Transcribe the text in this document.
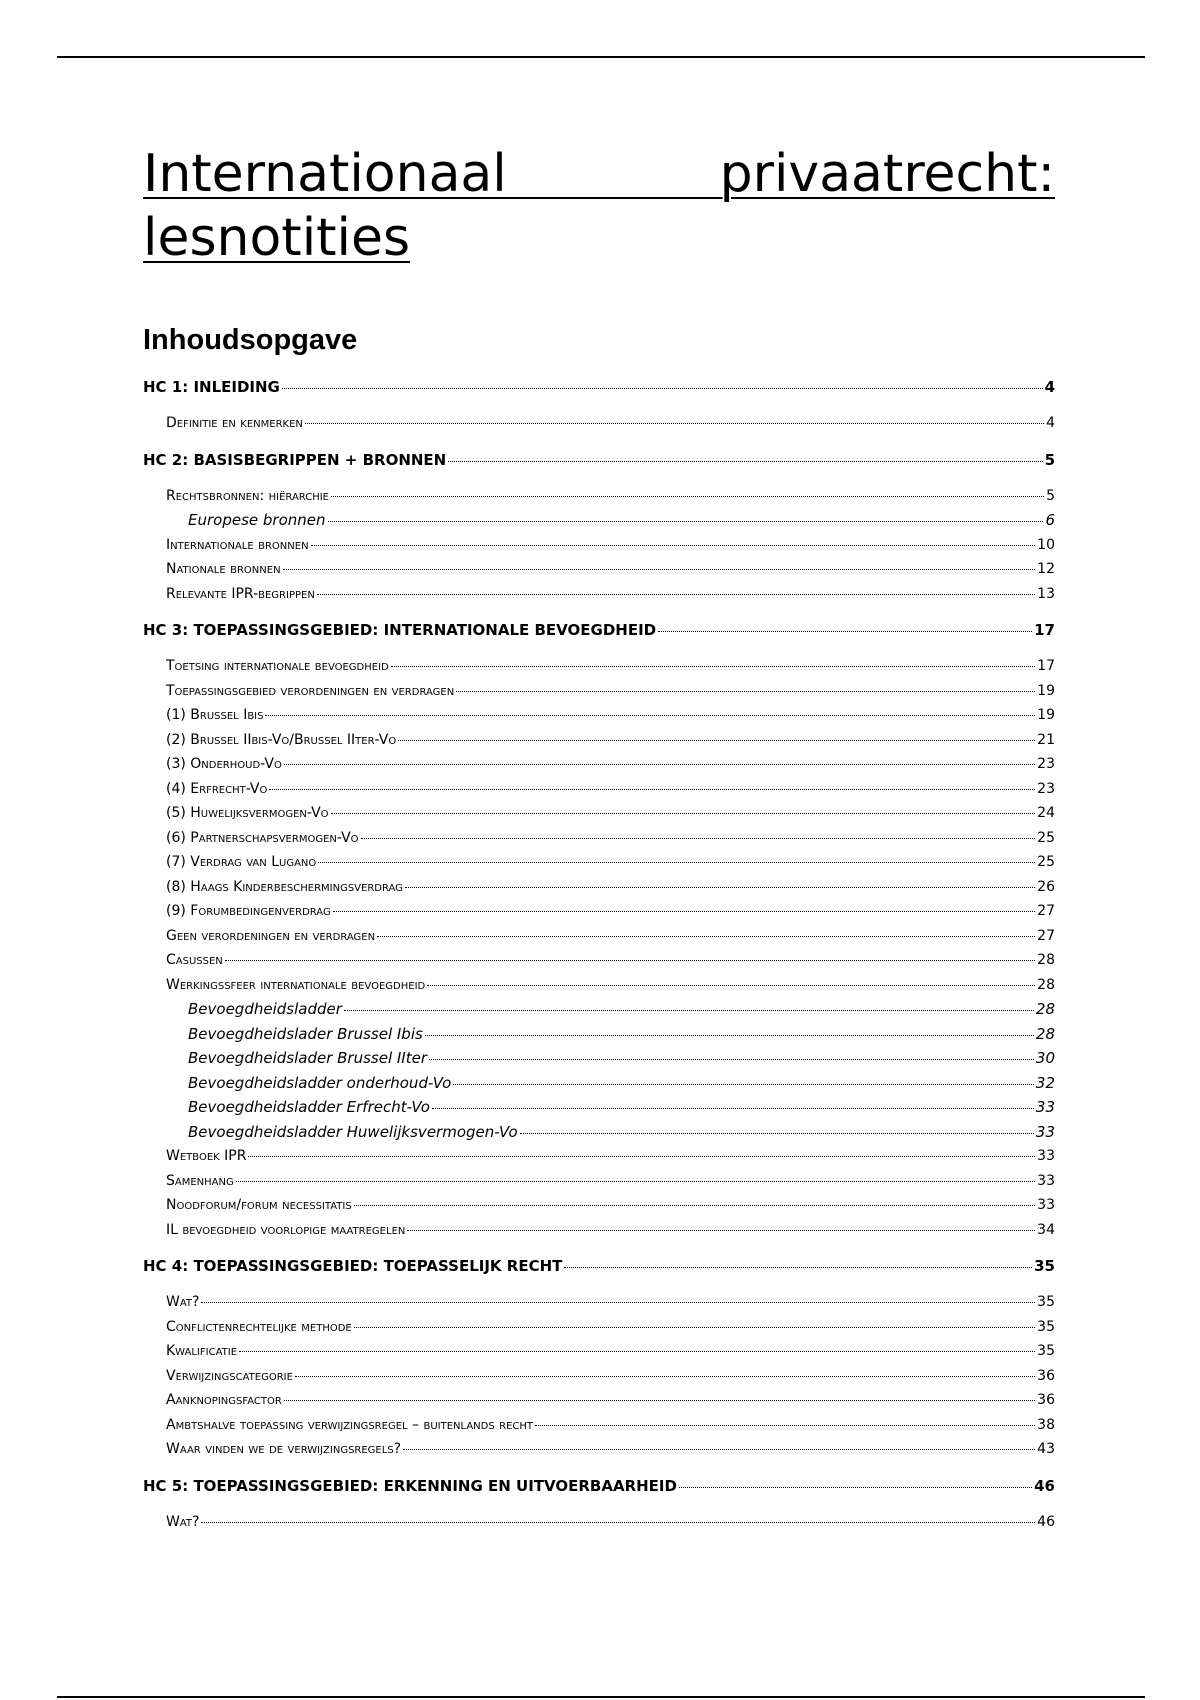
Internationaal privaatrecht: lesnotities
Inhoudsopgave
HC 1: INLEIDING	4
Definitie en kenmerken	4
HC 2: BASISBEGRIPPEN + BRONNEN	5
Rechtsbronnen: hiërarchie	5
Europese bronnen	6
Internationale bronnen	10
Nationale bronnen	12
Relevante IPR-begrippen	13
HC 3: TOEPASSINGSGEBIED: INTERNATIONALE BEVOEGDHEID	17
Toetsing internationale bevoegdheid	17
Toepassingsgebied verordeningen en verdragen	19
(1) Brussel Ibis	19
(2) Brussel IIbis-Vo/Brussel IIter-Vo	21
(3) Onderhoud-Vo	23
(4) Erfrecht-Vo	23
(5) Huwelijksvermogen-Vo	24
(6) Partnerschapsvermogen-Vo	25
(7) Verdrag van Lugano	25
(8) Haags Kinderbeschermingsverdrag	26
(9) Forumbedingenverdrag	27
Geen verordeningen en verdragen	27
Casussen	28
Werkingssfeer internationale bevoegdheid	28
Bevoegdheidsladder	28
Bevoegdheidslader Brussel Ibis	28
Bevoegdheidslader Brussel IIter	30
Bevoegdheidsladder onderhoud-Vo	32
Bevoegdheidsladder Erfrecht-Vo	33
Bevoegdheidsladder Huwelijksvermogen-Vo	33
Wetboek IPR	33
Samenhang	33
Noodforum/forum necessitatis	33
IL bevoegdheid voorlopige maatregelen	34
HC 4: TOEPASSINGSGEBIED: TOEPASSELIJK RECHT	35
Wat?	35
Conflictenrechtelijke methode	35
Kwalificatie	35
Verwijzingscategorie	36
Aanknopingsfactor	36
Ambtshalve toepassing verwijzingsregel – buitenlands recht	38
Waar vinden we de verwijzingsregels?	43
HC 5: TOEPASSINGSGEBIED: ERKENNING EN UITVOERBAARHEID	46
Wat?	46
